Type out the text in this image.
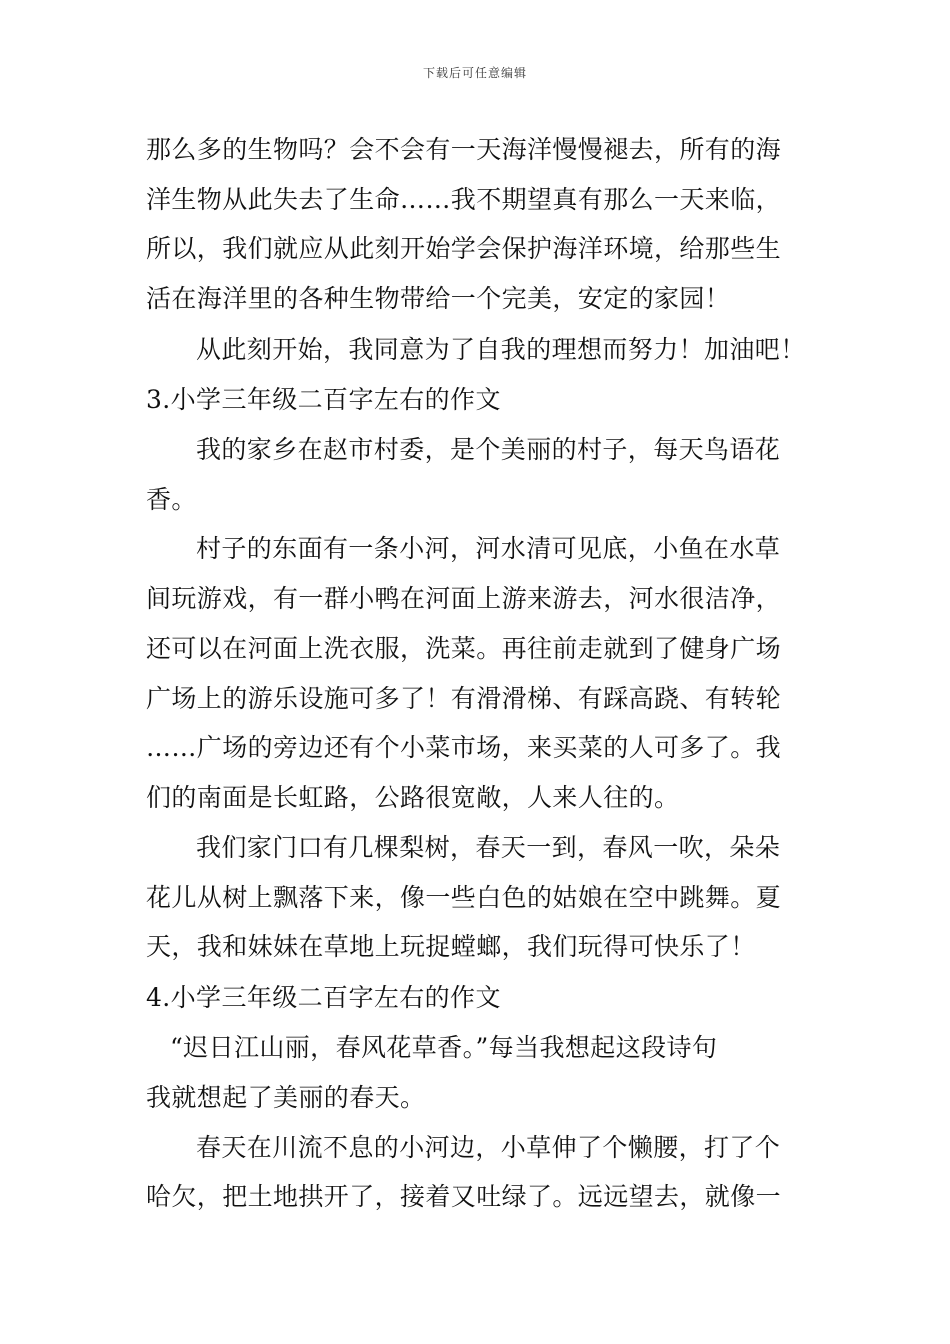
下载后可任意编辑
那么多的生物吗？会不会有一天海洋慢慢褪去，所有的海
洋生物从此失去了生命……我不期望真有那么一天来临，
所以，我们就应从此刻开始学会保护海洋环境，给那些生
活在海洋里的各种生物带给一个完美，安定的家园！
从此刻开始，我同意为了自我的理想而努力！加油吧！
3.小学三年级二百字左右的作文
我的家乡在赵市村委，是个美丽的村子，每天鸟语花
香。
村子的东面有一条小河，河水清可见底，小鱼在水草
间玩游戏，有一群小鸭在河面上游来游去，河水很洁净，
还可以在河面上洗衣服，洗菜。再往前走就到了健身广场
广场上的游乐设施可多了！有滑滑梯、有踩高跷、有转轮
……广场的旁边还有个小菜市场，来买菜的人可多了。我
们的南面是长虹路，公路很宽敞，人来人往的。
我们家门口有几棵梨树，春天一到，春风一吹，朵朵
花儿从树上飘落下来，像一些白色的姑娘在空中跳舞。夏
天，我和妹妹在草地上玩捉螳螂，我们玩得可快乐了！
4.小学三年级二百字左右的作文
“迟日江山丽，春风花草香。”每当我想起这段诗句
我就想起了美丽的春天。
春天在川流不息的小河边，小草伸了个懒腰，打了个
哈欠，把土地拱开了，接着又吐绿了。远远望去，就像一
